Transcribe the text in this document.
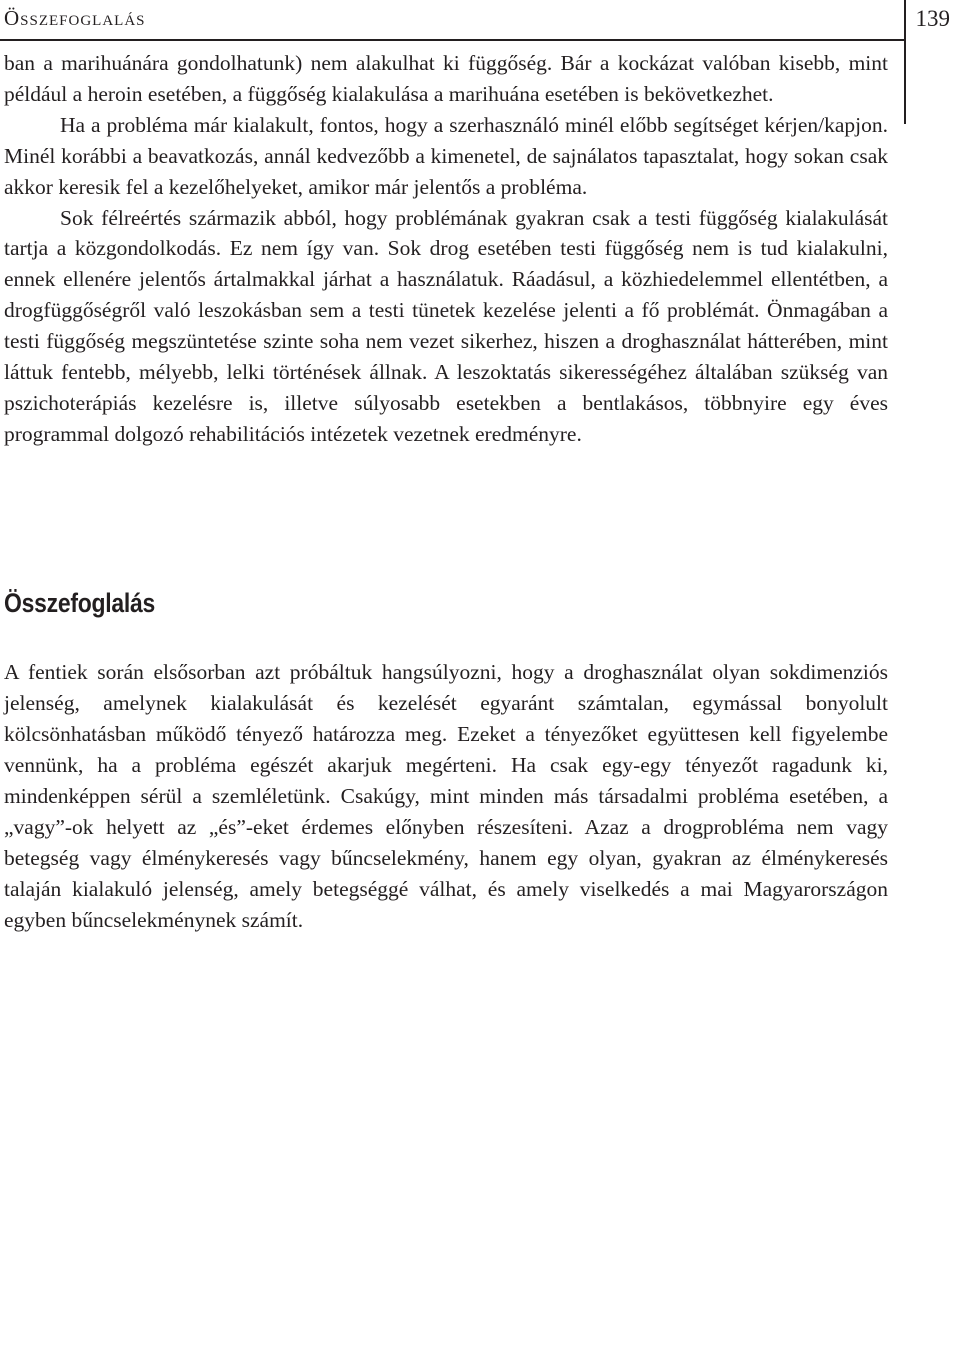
Összefoglalás	139

ban a marihuánára gondolhatunk) nem alakulhat ki függőség. Bár a kockázat valóban kisebb, mint például a heroin esetében, a függőség kialakulása a marihuána esetében is bekövetkezhet.

Ha a probléma már kialakult, fontos, hogy a szerhasználó minél előbb segítséget kérjen/kapjon. Minél korábbi a beavatkozás, annál kedvezőbb a kimenetel, de sajnálatos tapasztalat, hogy sokan csak akkor keresik fel a kezelőhelyeket, amikor már jelentős a probléma.

Sok félreértés származik abból, hogy problémának gyakran csak a testi függőség kialakulását tartja a közgondolkodás. Ez nem így van. Sok drog esetében testi függőség nem is tud kialakulni, ennek ellenére jelentős ártalmakkal járhat a használatuk. Ráadásul, a közhiedelemmel ellentétben, a drogfüggőségről való leszokásban sem a testi tünetek kezelése jelenti a fő problémát. Önmagában a testi függőség megszüntetése szinte soha nem vezet sikerhez, hiszen a droghasználat hátterében, mint láttuk fentebb, mélyebb, lelki történések állnak. A leszoktatás sikerességéhez általában szükség van pszichoterápiás kezelésre is, illetve súlyosabb esetekben a bentlakásos, többnyire egy éves programmal dolgozó rehabilitációs intézetek vezetnek eredményre.

Összefoglalás

A fentiek során elsősorban azt próbáltuk hangsúlyozni, hogy a droghasználat olyan sokdimenziós jelenség, amelynek kialakulását és kezelését egyaránt számtalan, egymással bonyolult kölcsönhatásban működő tényező határozza meg. Ezeket a tényezőket együttesen kell figyelembe vennünk, ha a probléma egészét akarjuk megérteni. Ha csak egy-egy tényezőt ragadunk ki, mindenképpen sérül a szemléletünk. Csakúgy, mint minden más társadalmi probléma esetében, a „vagy”-ok helyett az „és”-eket érdemes előnyben részesíteni. Azaz a drogprobléma nem vagy betegség vagy élménykeresés vagy bűncselekmény, hanem egy olyan, gyakran az élménykeresés talaján kialakuló jelenség, amely betegséggé válhat, és amely viselkedés a mai Magyarországon egyben bűncselekménynek számít.
